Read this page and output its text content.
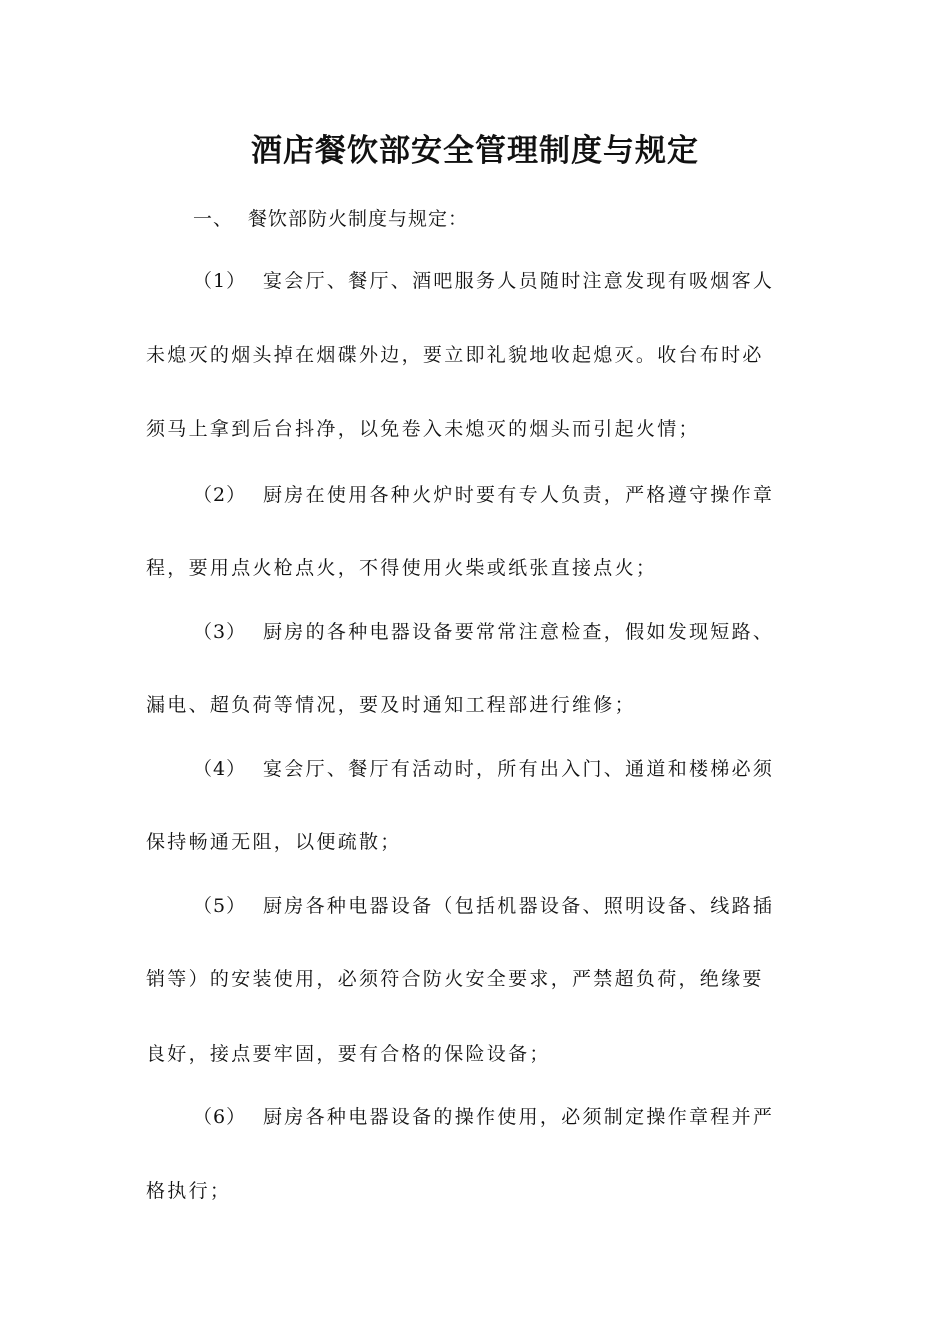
酒店餐饮部安全管理制度与规定
一、 餐饮部防火制度与规定：
（1） 宴会厅、餐厅、酒吧服务人员随时注意发现有吸烟客人
未熄灭的烟头掉在烟碟外边，要立即礼貌地收起熄灭。收台布时必
须马上拿到后台抖净，以免卷入未熄灭的烟头而引起火情；
（2） 厨房在使用各种火炉时要有专人负责，严格遵守操作章
程，要用点火枪点火，不得使用火柴或纸张直接点火；
（3） 厨房的各种电器设备要常常注意检查，假如发现短路、
漏电、超负荷等情况，要及时通知工程部进行维修；
（4） 宴会厅、餐厅有活动时，所有出入门、通道和楼梯必须
保持畅通无阻，以便疏散；
（5） 厨房各种电器设备（包括机器设备、照明设备、线路插
销等）的安装使用，必须符合防火安全要求，严禁超负荷，绝缘要
良好，接点要牢固，要有合格的保险设备；
（6） 厨房各种电器设备的操作使用，必须制定操作章程并严
格执行；
